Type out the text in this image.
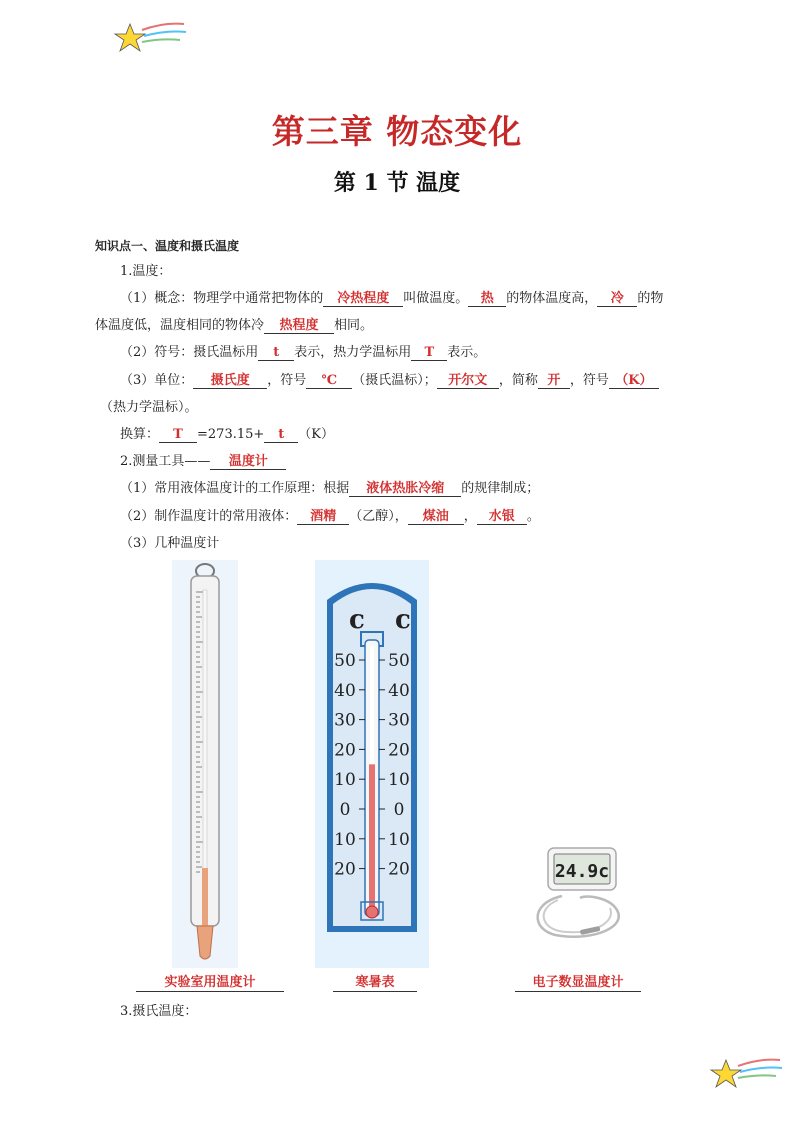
第三章 物态变化
第 1 节 温度
知识点一、温度和摄氏温度
1.温度：
（1）概念：物理学中通常把物体的 冷热程度 叫做温度。 热 的物体温度高， 冷 的物
体温度低，温度相同的物体冷 热程度 相同。
（2）符号：摄氏温标用 t 表示，热力学温标用 T 表示。
（3）单位： 摄氏度 ，符号 ℃ （摄氏温标）； 开尔文 ，简称 开 ，符号 （K）
（热力学温标）。
换算： T =273.15+ t （K）
2.测量工具—— 温度计
（1）常用液体温度计的工作原理：根据 液体热胀冷缩 的规律制成；
（2）制作温度计的常用液体： 酒精 （乙醇）， 煤油 ， 水银 。
（3）几种温度计
c c
50 50
40 40
30 30
20 20
10 10
0	0
10 10
20 20	24.9c
实验室用温度计	寒暑表	电子数显温度计
3.摄氏温度：
